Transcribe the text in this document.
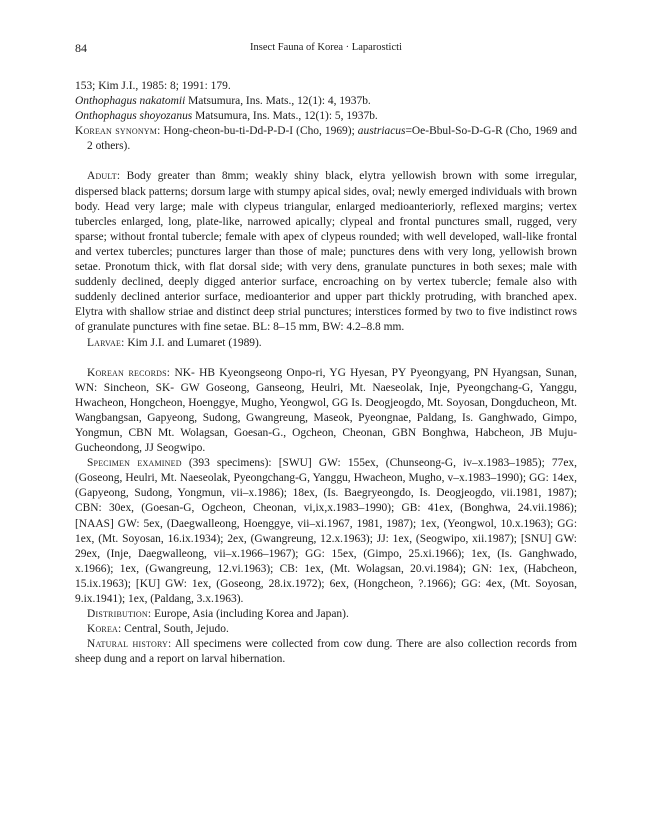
84	Insect Fauna of Korea · Laparosticti

153; Kim J.I., 1985: 8; 1991: 179.

Onthophagus nakatomii Matsumura, Ins. Mats., 12(1): 4, 1937b.

Onthophagus shoyozanus Matsumura, Ins. Mats., 12(1): 5, 1937b.

Korean synonym: Hong-cheon-bu-ti-Dd-P-D-I (Cho, 1969); austriacus=Oe-Bbul-So-D-G-R (Cho, 1969 and 2 others).

Adult: Body greater than 8mm; weakly shiny black, elytra yellowish brown with some irregular, dispersed black patterns; dorsum large with stumpy apical sides, oval; newly emerged individuals with brown body. Head very large; male with clypeus triangular, enlarged medioanteriorly, reflexed margins; vertex tubercles enlarged, long, plate-like, narrowed apically; clypeal and frontal punctures small, rugged, very sparse; without frontal tubercle; female with apex of clypeus rounded; with well developed, wall-like frontal and vertex tubercles; punctures larger than those of male; punctures dens with very long, yellowish brown setae. Pronotum thick, with flat dorsal side; with very dens, granulate punctures in both sexes; male with suddenly declined, deeply digged anterior surface, encroaching on by vertex tubercle; female also with suddenly declined anterior surface, medioanterior and upper part thickly protruding, with branched apex. Elytra with shallow striae and distinct deep strial punctures; interstices formed by two to five indistinct rows of granulate punctures with fine setae. BL: 8–15 mm, BW: 4.2–8.8 mm.

Larvae: Kim J.I. and Lumaret (1989).

Korean records: NK- HB Kyeongseong Onpo-ri, YG Hyesan, PY Pyeongyang, PN Hyangsan, Sunan, WN: Sincheon, SK- GW Goseong, Ganseong, Heulri, Mt. Naeseolak, Inje, Pyeongchang-G, Yanggu, Hwacheon, Hongcheon, Hoenggye, Mugho, Yeongwol, GG Is. Deogjeogdo, Mt. Soyosan, Dongducheon, Mt. Wangbangsan, Gapyeong, Sudong, Gwangreung, Maseok, Pyeongnae, Paldang, Is. Ganghwado, Gimpo, Yongmun, CBN Mt. Wolagsan, Goesan-G., Ogcheon, Cheonan, GBN Bonghwa, Habcheon, JB Muju-Gucheondong, JJ Seogwipo.

Specimen examined (393 specimens): [SWU] GW: 155ex, (Chunseong-G, iv–x.1983–1985); 77ex, (Goseong, Heulri, Mt. Naeseolak, Pyeongchang-G, Yanggu, Hwacheon, Mugho, v–x.1983–1990); GG: 14ex, (Gapyeong, Sudong, Yongmun, vii–x.1986); 18ex, (Is. Baegryeongdo, Is. Deogjeogdo, vii.1981, 1987); CBN: 30ex, (Goesan-G, Ogcheon, Cheonan, vi,ix,x.1983–1990); GB: 41ex, (Bonghwa, 24.vii.1986); [NAAS] GW: 5ex, (Daegwalleong, Hoenggye, vii–xi.1967, 1981, 1987); 1ex, (Yeongwol, 10.x.1963); GG: 1ex, (Mt. Soyosan, 16.ix.1934); 2ex, (Gwangreung, 12.x.1963); JJ: 1ex, (Seogwipo, xii.1987); [SNU] GW: 29ex, (Inje, Daegwalleong, vii–x.1966–1967); GG: 15ex, (Gimpo, 25.xi.1966); 1ex, (Is. Ganghwado, x.1966); 1ex, (Gwangreung, 12.vi.1963); CB: 1ex, (Mt. Wolagsan, 20.vi.1984); GN: 1ex, (Habcheon, 15.ix.1963); [KU] GW: 1ex, (Goseong, 28.ix.1972); 6ex, (Hongcheon, ?.1966); GG: 4ex, (Mt. Soyosan, 9.ix.1941); 1ex, (Paldang, 3.x.1963).

Distribution: Europe, Asia (including Korea and Japan).

Korea: Central, South, Jejudo.

Natural history: All specimens were collected from cow dung. There are also collection records from sheep dung and a report on larval hibernation.
